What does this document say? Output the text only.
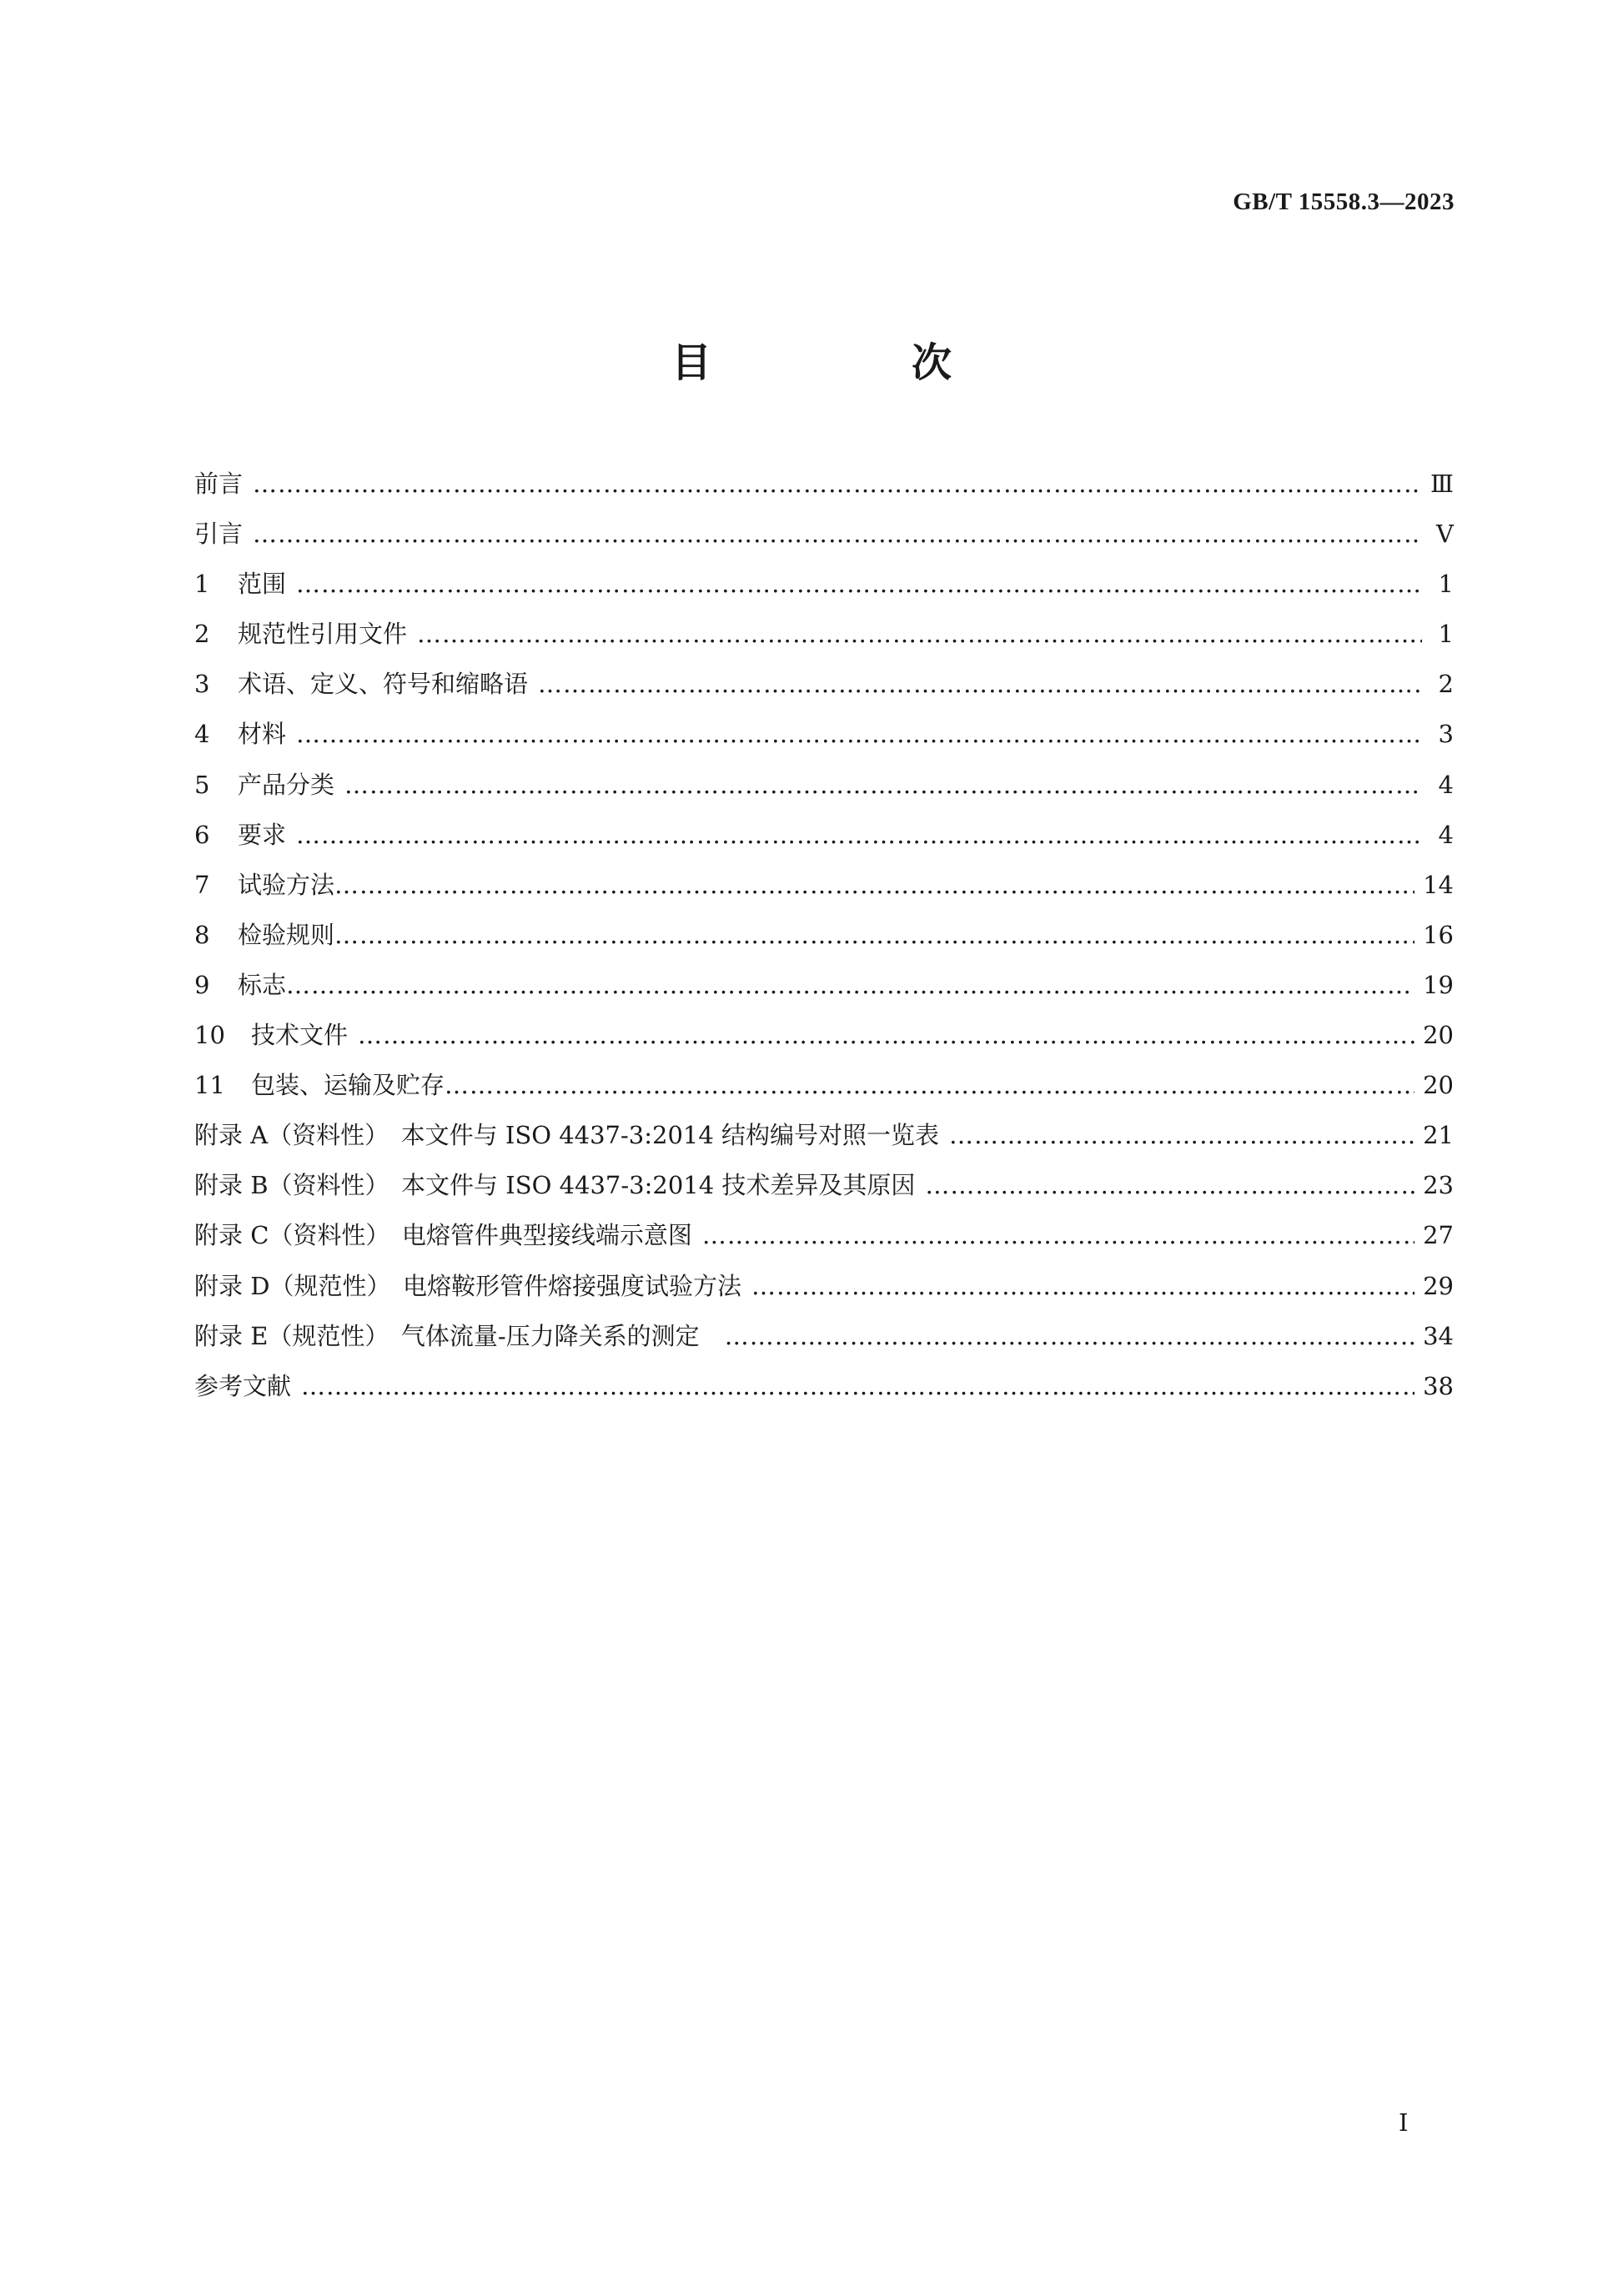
GB/T 15558.3—2023
目　次
前言 ………………………………………………………………………………………………………………………………………………………………………………………………………………………………………………………………………………………………	Ⅲ
引言 ………………………………………………………………………………………………………………………………………………………………………………………………………………………………………………………………………………………………	Ⅴ
1	范围 ………………………………………………………………………………………………………………………………………………………………………………………………………………………………………………………………………………………………	1
2	规范性引用文件 ………………………………………………………………………………………………………………………………………………………………………………………………………………………………………………………………………………………………	1
3	术语、定义、符号和缩略语 ………………………………………………………………………………………………………………………………………………………………………………………………………………………………………………………………………………………………	2
4	材料 ………………………………………………………………………………………………………………………………………………………………………………………………………………………………………………………………………………………………	3
5	产品分类 ………………………………………………………………………………………………………………………………………………………………………………………………………………………………………………………………………………………………	4
6	要求 ………………………………………………………………………………………………………………………………………………………………………………………………………………………………………………………………………………………………	4
7	试验方法 ………………………………………………………………………………………………………………………………………………………………………………………………………………………………………………………………………………………………	14
8	检验规则 ………………………………………………………………………………………………………………………………………………………………………………………………………………………………………………………………………………………………	16
9	标志 ………………………………………………………………………………………………………………………………………………………………………………………………………………………………………………………………………………………………	19
10	技术文件 ………………………………………………………………………………………………………………………………………………………………………………………………………………………………………………………………………………………………	20
11	包装、运输及贮存 ………………………………………………………………………………………………………………………………………………………………………………………………………………………………………………………………………………………………	20
附录 A（资料性）　本文件与 ISO 4437-3:2014 结构编号对照一览表 ………………………………………………………………………………………………………………………………………………………………………………………………………………………………………………………………………………………………	21
附录 B（资料性）　本文件与 ISO 4437-3:2014 技术差异及其原因 ………………………………………………………………………………………………………………………………………………………………………………………………………………………………………………………………………………………………	23
附录 C（资料性）　电熔管件典型接线端示意图 ………………………………………………………………………………………………………………………………………………………………………………………………………………………………………………………………………………………………	27
附录 D（规范性）　电熔鞍形管件熔接强度试验方法 ………………………………………………………………………………………………………………………………………………………………………………………………………………………………………………………………………………………………	29
附录 E（规范性）　气体流量-压力降关系的测定 ………………………………………………………………………………………………………………………………………………………………………………………………………………………………………………………………………………………………	34
参考文献 ………………………………………………………………………………………………………………………………………………………………………………………………………………………………………………………………………………………………	38
Ⅰ
